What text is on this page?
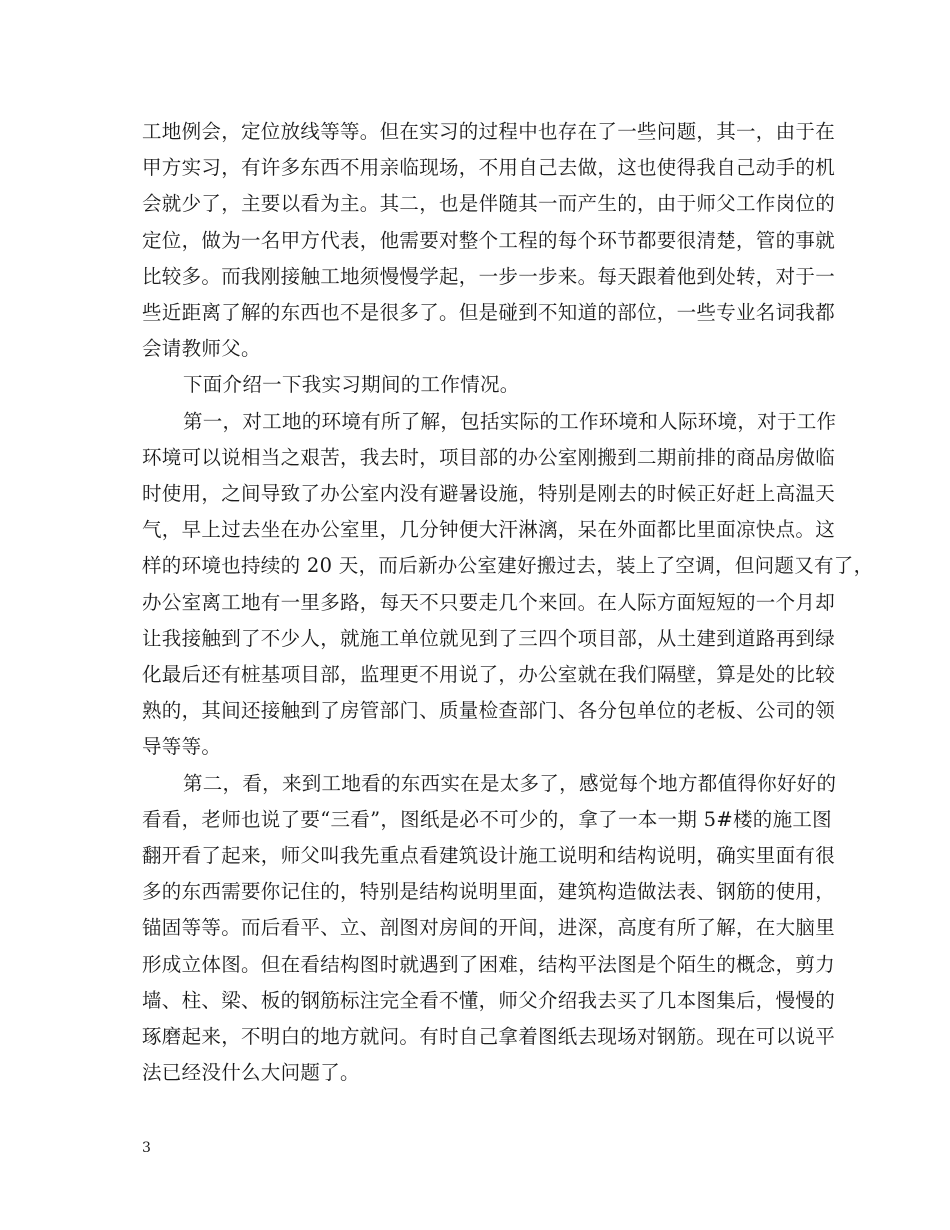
工地例会，定位放线等等。但在实习的过程中也存在了一些问题，其一，由于在
甲方实习，有许多东西不用亲临现场，不用自己去做，这也使得我自己动手的机
会就少了，主要以看为主。其二，也是伴随其一而产生的，由于师父工作岗位的
定位，做为一名甲方代表，他需要对整个工程的每个环节都要很清楚，管的事就
比较多。而我刚接触工地须慢慢学起，一步一步来。每天跟着他到处转，对于一
些近距离了解的东西也不是很多了。但是碰到不知道的部位，一些专业名词我都
会请教师父。

下面介绍一下我实习期间的工作情况。

第一，对工地的环境有所了解，包括实际的工作环境和人际环境，对于工作
环境可以说相当之艰苦，我去时，项目部的办公室刚搬到二期前排的商品房做临
时使用，之间导致了办公室内没有避暑设施，特别是刚去的时候正好赶上高温天
气，早上过去坐在办公室里，几分钟便大汗淋漓，呆在外面都比里面凉快点。这
样的环境也持续的 20 天，而后新办公室建好搬过去，装上了空调，但问题又有了，
办公室离工地有一里多路，每天不只要走几个来回。在人际方面短短的一个月却
让我接触到了不少人，就施工单位就见到了三四个项目部，从土建到道路再到绿
化最后还有桩基项目部，监理更不用说了，办公室就在我们隔壁，算是处的比较
熟的，其间还接触到了房管部门、质量检查部门、各分包单位的老板、公司的领
导等等。

第二，看，来到工地看的东西实在是太多了，感觉每个地方都值得你好好的
看看，老师也说了要“三看”，图纸是必不可少的，拿了一本一期 5#楼的施工图
翻开看了起来，师父叫我先重点看建筑设计施工说明和结构说明，确实里面有很
多的东西需要你记住的，特别是结构说明里面，建筑构造做法表、钢筋的使用，
锚固等等。而后看平、立、剖图对房间的开间，进深，高度有所了解，在大脑里
形成立体图。但在看结构图时就遇到了困难，结构平法图是个陌生的概念，剪力
墙、柱、梁、板的钢筋标注完全看不懂，师父介绍我去买了几本图集后，慢慢的
琢磨起来，不明白的地方就问。有时自己拿着图纸去现场对钢筋。现在可以说平
法已经没什么大问题了。

3
